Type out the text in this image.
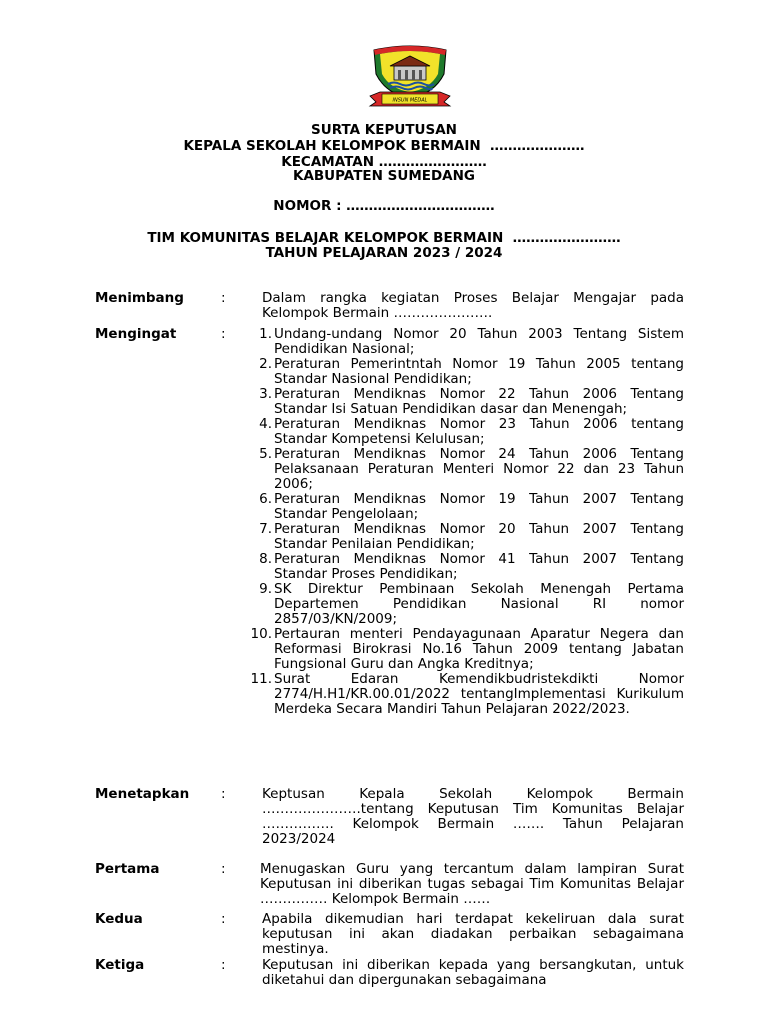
INSUN MEDAL
SURTA KEPUTUSAN
KEPALA SEKOLAH KELOMPOK BERMAIN  …………………
KECAMATAN ……………………
KABUPATEN SUMEDANG
NOMOR : ……………………………
TIM KOMUNITAS BELAJAR KELOMPOK BERMAIN  ……………………
TAHUN PELAJARAN 2023 / 2024
Menimbang	:	Dalam rangka kegiatan Proses Belajar Mengajar pada Kelompok Bermain ………………….
Mengingat	:	1. Undang-undang Nomor 20 Tahun 2003 Tentang Sistem Pendidikan Nasional;
2. Peraturan Pemerintntah Nomor 19 Tahun 2005 tentang Standar Nasional Pendidikan;
3. Peraturan Mendiknas Nomor 22 Tahun 2006 Tentang Standar Isi Satuan Pendidikan dasar dan Menengah;
4. Peraturan Mendiknas Nomor 23 Tahun 2006 tentang Standar Kompetensi Kelulusan;
5. Peraturan Mendiknas Nomor 24 Tahun 2006 Tentang Pelaksanaan Peraturan Menteri Nomor 22 dan 23 Tahun 2006;
6. Peraturan Mendiknas Nomor 19 Tahun 2007 Tentang Standar Pengelolaan;
7. Peraturan Mendiknas Nomor 20 Tahun 2007 Tentang Standar Penilaian Pendidikan;
8. Peraturan Mendiknas Nomor 41 Tahun 2007 Tentang Standar Proses Pendidikan;
9. SK Direktur Pembinaan Sekolah Menengah Pertama Departemen Pendidikan Nasional RI nomor 2857/03/KN/2009;
10. Pertauran menteri Pendayagunaan Aparatur Negera dan Reformasi Birokrasi No.16 Tahun 2009 tentang Jabatan Fungsional Guru dan Angka Kreditnya;
11. Surat Edaran Kemendikbudristekdikti Nomor 2774/H.H1/KR.00.01/2022 tentangImplementasi Kurikulum Merdeka Secara Mandiri Tahun Pelajaran 2022/2023.
Menetapkan :	Keptusan Kepala Sekolah Kelompok Bermain ………………….tentang Keputusan Tim Komunitas Belajar ……………. Kelompok Bermain ……. Tahun Pelajaran 2023/2024
Pertama	:	Menugaskan Guru yang tercantum dalam lampiran Surat Keputusan ini diberikan tugas sebagai Tim Komunitas Belajar …………… Kelompok Bermain ……
Kedua	:	Apabila dikemudian hari terdapat kekeliruan dala surat keputusan ini akan diadakan perbaikan sebagaimana mestinya.
Ketiga	:	Keputusan ini diberikan kepada yang bersangkutan, untuk diketahui dan dipergunakan sebagaimana
